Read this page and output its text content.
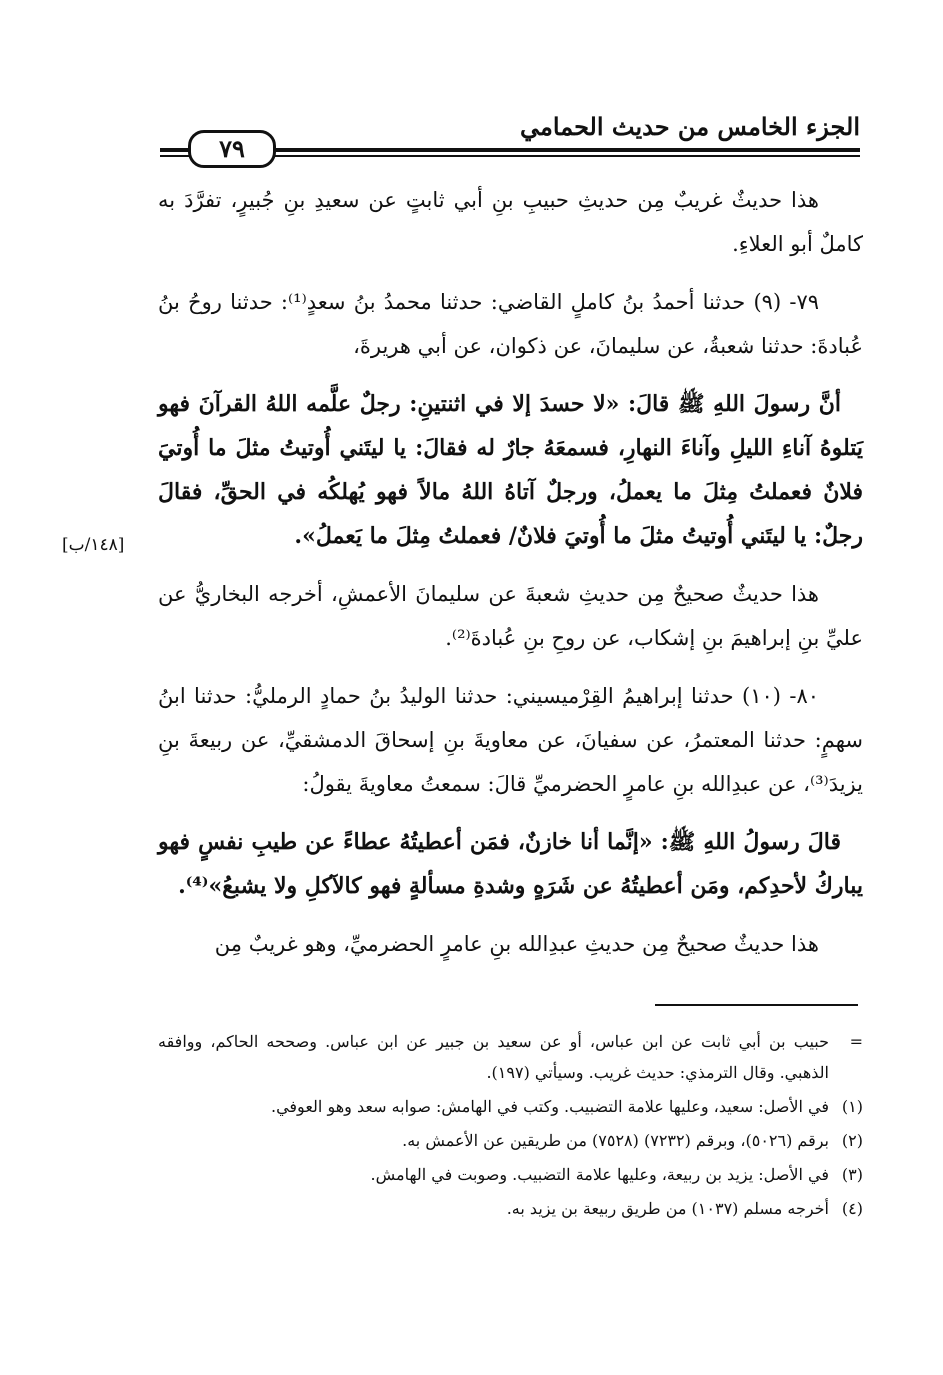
٧٩
الجزء الخامس من حديث الحمامي
[١٤٨/ب]

هذا حديثٌ غريبٌ مِن حديثِ حبيبِ بنِ أبي ثابتٍ عن سعيدِ بنِ جُبيرٍ، تفرَّدَ به كاملٌ أبو العلاءِ.

٧٩- (٩) حدثنا أحمدُ بنُ كاملٍ القاضي: حدثنا محمدُ بنُ سعدٍ⁽¹⁾: حدثنا روحُ بنُ عُبادةَ: حدثنا شعبةُ، عن سليمانَ، عن ذكوان، عن أبي هريرةَ،

أنَّ رسولَ اللهِ ﷺ قالَ: «لا حسدَ إلا في اثنتينِ: رجلٌ علَّمه اللهُ القرآنَ فهو يَتلوهُ آناءِ الليلِ وآناءَ النهارِ، فسمعَهُ جارٌ له فقالَ: يا ليتَني أُوتيتُ مثلَ ما أُوتيَ فلانٌ فعملتُ مِثلَ ما يعملُ، ورجلٌ آتاهُ اللهُ مالاً فهو يُهلكُه في الحقِّ، فقالَ رجلٌ: يا ليتَني أُوتيتُ مثلَ ما أُوتيَ فلانٌ/ فعملتُ مِثلَ ما يَعملُ».

هذا حديثٌ صحيحٌ مِن حديثِ شعبةَ عن سليمانَ الأعمشِ، أخرجه البخاريُّ عن عليِّ بنِ إبراهيمَ بنِ إشكاب، عن روحِ بنِ عُبادةَ⁽²⁾.

٨٠- (١٠) حدثنا إبراهيمُ القِرْميسيني: حدثنا الوليدُ بنُ حمادٍ الرمليُّ: حدثنا ابنُ سهمٍ: حدثنا المعتمرُ، عن سفيانَ، عن معاويةَ بنِ إسحاقَ الدمشقيِّ، عن ربيعةَ بنِ يزيدَ⁽³⁾، عن عبدِالله بنِ عامرٍ الحضرميِّ قالَ: سمعتُ معاويةَ يقولُ:

قالَ رسولُ اللهِ ﷺ: «إنَّما أنا خازنٌ، فمَن أعطيتُهُ عطاءً عن طيبِ نفسٍ فهو يباركُ لأحدِكم، ومَن أعطيتُهُ عن شَرَهٍ وشدةِ مسألةٍ فهو كالآكلِ ولا يشبعُ»⁽⁴⁾.

هذا حديثٌ صحيحٌ مِن حديثِ عبدِالله بنِ عامرٍ الحضرميِّ، وهو غريبٌ مِن

=
حبيب بن أبي ثابت عن ابن عباس، أو عن سعيد بن جبير عن ابن عباس. وصححه الحاكم، ووافقه الذهبي. وقال الترمذي: حديث غريب. وسيأتي (١٩٧).
(١)
في الأصل: سعيد، وعليها علامة التضبيب. وكتب في الهامش: صوابه سعد وهو العوفي.
(٢)
برقم (٥٠٢٦)، وبرقم (٧٢٣٢) (٧٥٢٨) من طريقين عن الأعمش به.
(٣)
في الأصل: يزيد بن ربيعة، وعليها علامة التضبيب. وصوبت في الهامش.
(٤)
أخرجه مسلم (١٠٣٧) من طريق ربيعة بن يزيد به.
